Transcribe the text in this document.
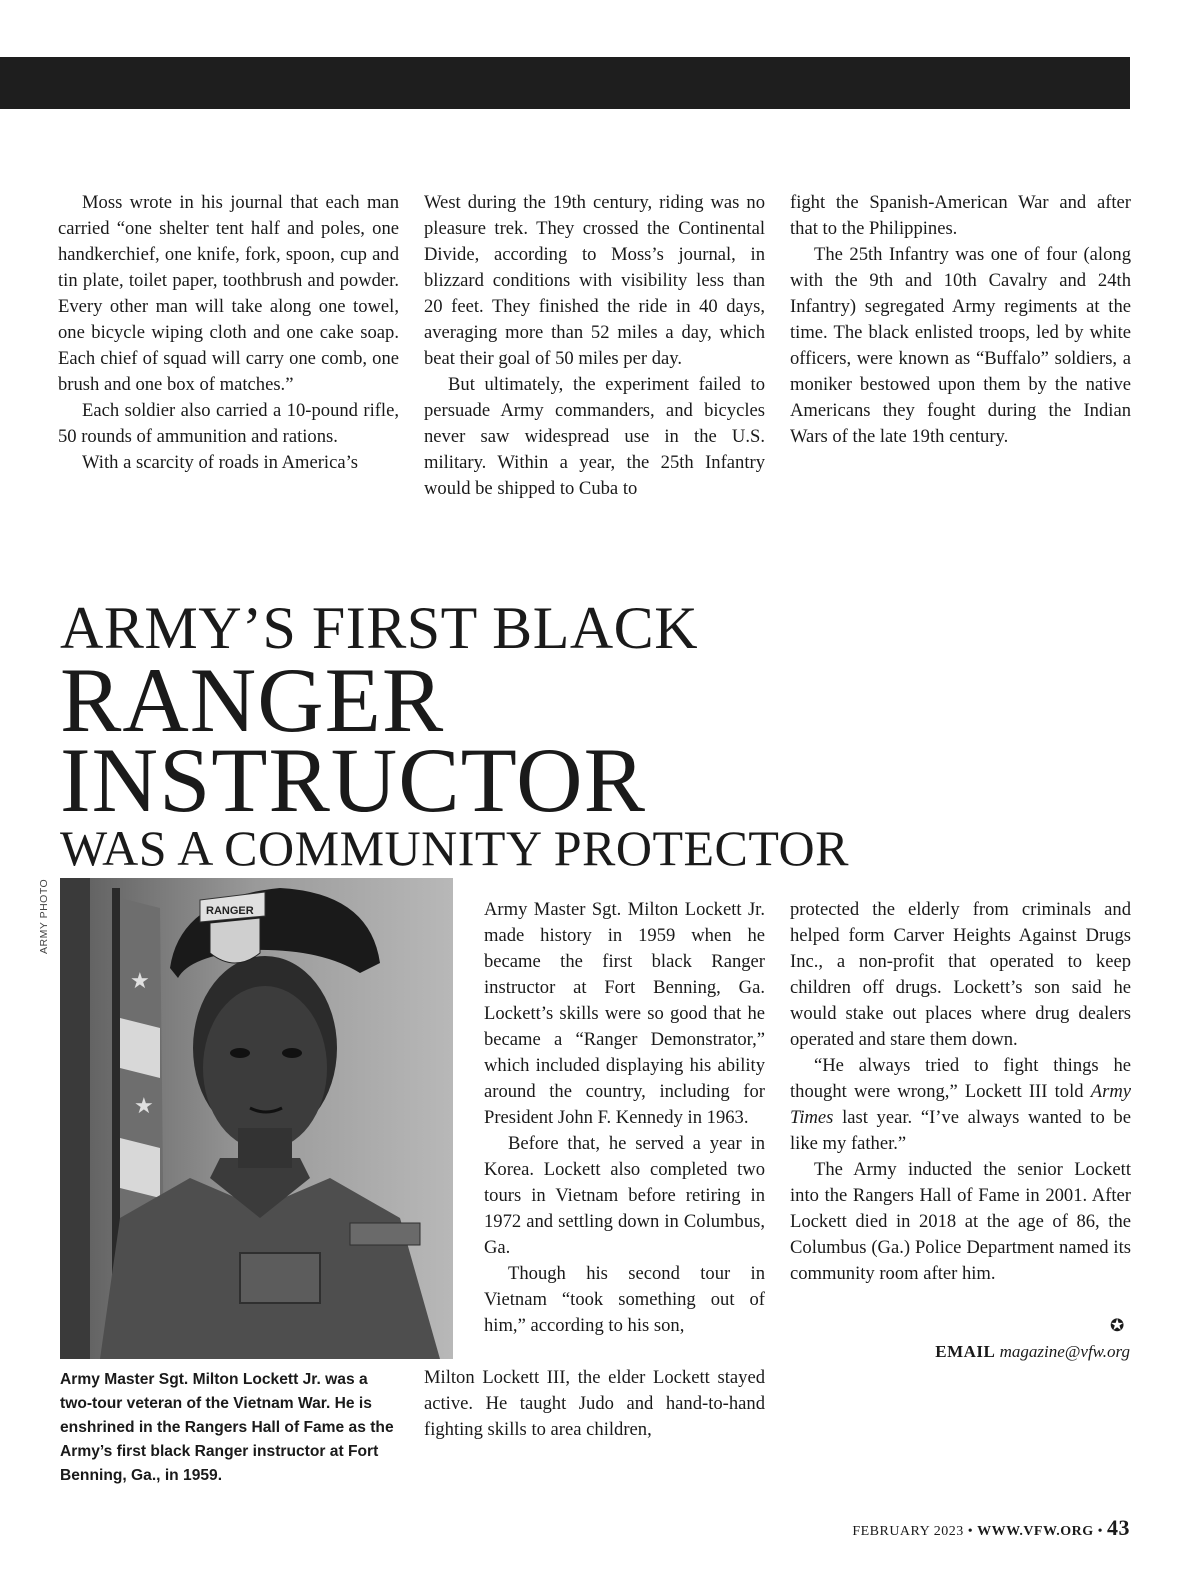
Moss wrote in his journal that each man carried “one shelter tent half and poles, one handkerchief, one knife, fork, spoon, cup and tin plate, toilet paper, toothbrush and powder. Every other man will take along one towel, one bicycle wiping cloth and one cake soap. Each chief of squad will carry one comb, one brush and one box of matches.”

Each soldier also carried a 10-pound rifle, 50 rounds of ammunition and rations.

With a scarcity of roads in America’s

West during the 19th century, riding was no pleasure trek. They crossed the Continental Divide, according to Moss’s journal, in blizzard conditions with visibility less than 20 feet. They finished the ride in 40 days, averaging more than 52 miles a day, which beat their goal of 50 miles per day.

But ultimately, the experiment failed to persuade Army commanders, and bicycles never saw widespread use in the U.S. military. Within a year, the 25th Infantry would be shipped to Cuba to

fight the Spanish-American War and after that to the Philippines.

The 25th Infantry was one of four (along with the 9th and 10th Cavalry and 24th Infantry) segregated Army regiments at the time. The black enlisted troops, led by white officers, were known as “Buffalo” soldiers, a moniker bestowed upon them by the native Americans they fought during the Indian Wars of the late 19th century.

ARMY’S FIRST BLACK
RANGER
INSTRUCTOR
WAS A COMMUNITY PROTECTOR
ARMY PHOTO
★
★
RANGER
Army Master Sgt. Milton Lockett Jr. was a two-tour veteran of the Vietnam War. He is enshrined in the Rangers Hall of Fame as the Army’s first black Ranger instructor at Fort Benning, Ga., in 1959.

Army Master Sgt. Milton Lockett Jr. made history in 1959 when he became the first black Ranger instructor at Fort Benning, Ga. Lockett’s skills were so good that he became a “Ranger Demonstrator,” which included displaying his ability around the country, including for President John F. Kennedy in 1963.

Before that, he served a year in Korea. Lockett also completed two tours in Vietnam before retiring in 1972 and settling down in Columbus, Ga.

Though his second tour in Vietnam “took something out of him,” according to his son,

Milton Lockett III, the elder Lockett stayed active. He taught Judo and hand-to-hand fighting skills to area children,

protected the elderly from criminals and helped form Carver Heights Against Drugs Inc., a non-profit that operated to keep children off drugs. Lockett’s son said he would stake out places where drug dealers operated and stare them down.

“He always tried to fight things he thought were wrong,” Lockett III told Army Times last year. “I’ve always wanted to be like my father.”

The Army inducted the senior Lockett into the Rangers Hall of Fame in 2001. After Lockett died in 2018 at the age of 86, the Columbus (Ga.) Police Department named its community room after him.

✪
EMAIL magazine@vfw.org
FEBRUARY 2023 • WWW.VFW.ORG • 43
